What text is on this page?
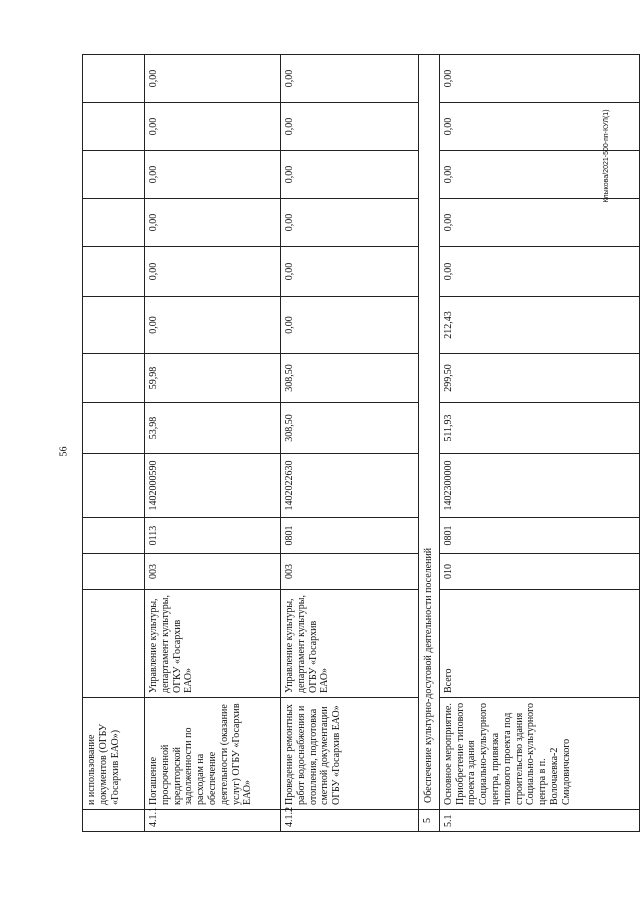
56
	и использование документов (ОГБУ «Госархив ЕАО»)												
4.1.1	Погашение просроченной кредиторской задолженности по расходам на обеспечение деятельности (оказание услуг) ОГБУ «Госархив ЕАО»	Управление культуры, департамент культуры, ОГКУ «Госархив ЕАО»	003	0113	1402000590	53,98	59,98	0,00	0,00	0,00	0,00	0,00	0,00
4.1.2	Проведение ремонтных работ водоснабжения и отопления, подготовка сметной документации ОГБУ «Госархив ЕАО»	Управление культуры, департамент культуры, ОГБУ «Госархив ЕАО»	003	0801	1402022630	308,50	308,50	0,00	0,00	0,00	0,00	0,00	0,00
5	Обеспечение культурно-досуговой деятельности поселений												
5.1	Основное мероприятие. Приобретение типового проекта здания Социально-культурного центра, привязка типового проекта под строительство здания Социально-культурного центра в п. Волочаевка-2 Смидовичского	Всего	010	0801	1402300000	511,93	299,50	212,43	0,00	0,00	0,00	0,00	0,00
Клыкова/2021-500-пп-КУЛ(1)
